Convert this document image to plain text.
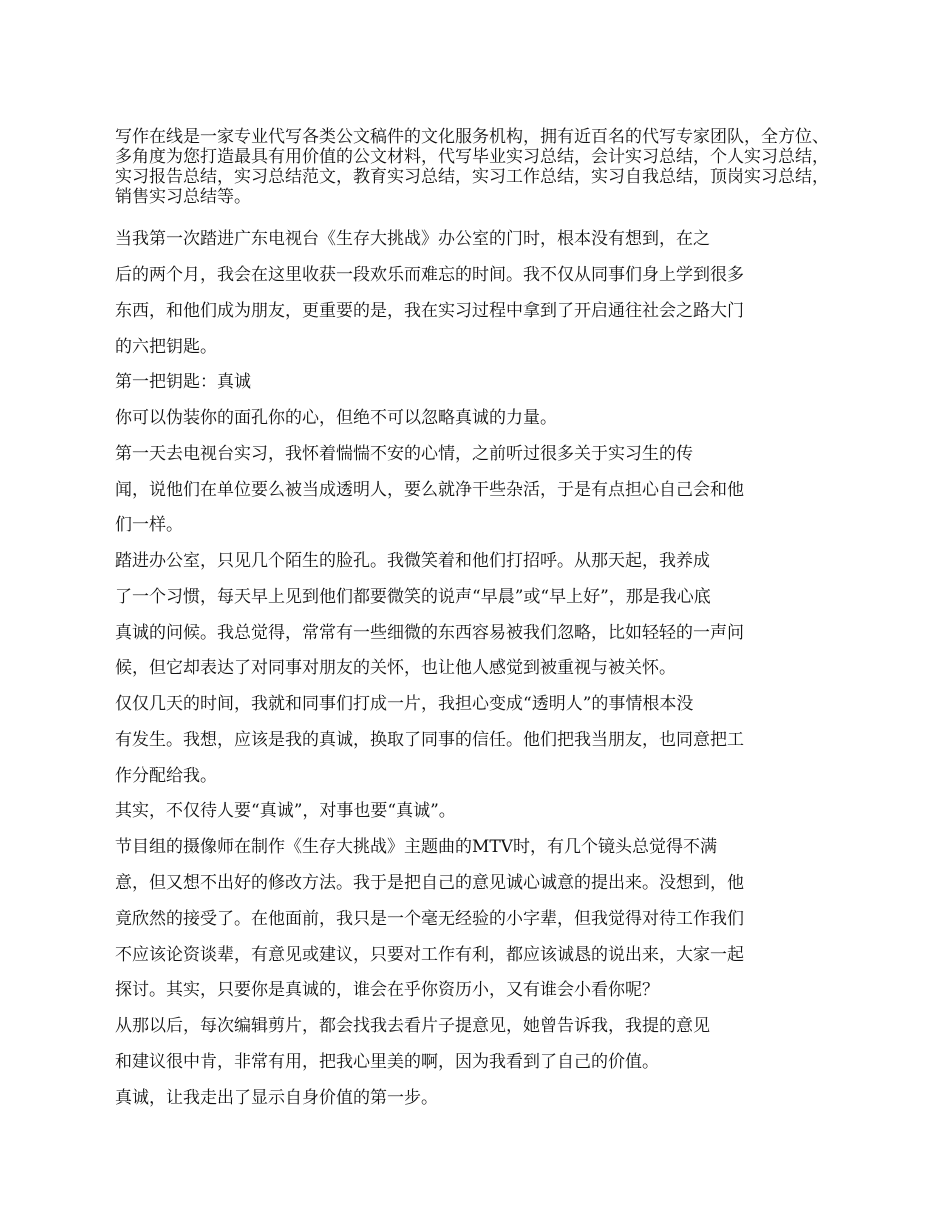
写作在线是一家专业代写各类公文稿件的文化服务机构，拥有近百名的代写专家团队，全方位、多角度为您打造最具有用价值的公文材料，代写毕业实习总结，会计实习总结，个人实习总结，实习报告总结，实习总结范文，教育实习总结，实习工作总结，实习自我总结，顶岗实习总结，销售实习总结等。

当我第一次踏进广东电视台《生存大挑战》办公室的门时，根本没有想到，在之

后的两个月，我会在这里收获一段欢乐而难忘的时间。我不仅从同事们身上学到很多

东西，和他们成为朋友，更重要的是，我在实习过程中拿到了开启通往社会之路大门

的六把钥匙。

第一把钥匙：真诚

你可以伪装你的面孔你的心，但绝不可以忽略真诚的力量。

第一天去电视台实习，我怀着惴惴不安的心情，之前听过很多关于实习生的传

闻，说他们在单位要么被当成透明人，要么就净干些杂活，于是有点担心自己会和他

们一样。

踏进办公室，只见几个陌生的脸孔。我微笑着和他们打招呼。从那天起，我养成

了一个习惯，每天早上见到他们都要微笑的说声“早晨”或“早上好”，那是我心底

真诚的问候。我总觉得，常常有一些细微的东西容易被我们忽略，比如轻轻的一声问

候，但它却表达了对同事对朋友的关怀，也让他人感觉到被重视与被关怀。

仅仅几天的时间，我就和同事们打成一片，我担心变成“透明人”的事情根本没

有发生。我想，应该是我的真诚，换取了同事的信任。他们把我当朋友，也同意把工

作分配给我。

其实，不仅待人要“真诚”，对事也要“真诚”。

节目组的摄像师在制作《生存大挑战》主题曲的MTV时，有几个镜头总觉得不满

意，但又想不出好的修改方法。我于是把自己的意见诚心诚意的提出来。没想到，他

竟欣然的接受了。在他面前，我只是一个毫无经验的小字辈，但我觉得对待工作我们

不应该论资谈辈，有意见或建议，只要对工作有利，都应该诚恳的说出来，大家一起

探讨。其实，只要你是真诚的，谁会在乎你资历小，又有谁会小看你呢？

从那以后，每次编辑剪片，都会找我去看片子提意见，她曾告诉我，我提的意见

和建议很中肯，非常有用，把我心里美的啊，因为我看到了自己的价值。

真诚，让我走出了显示自身价值的第一步。
